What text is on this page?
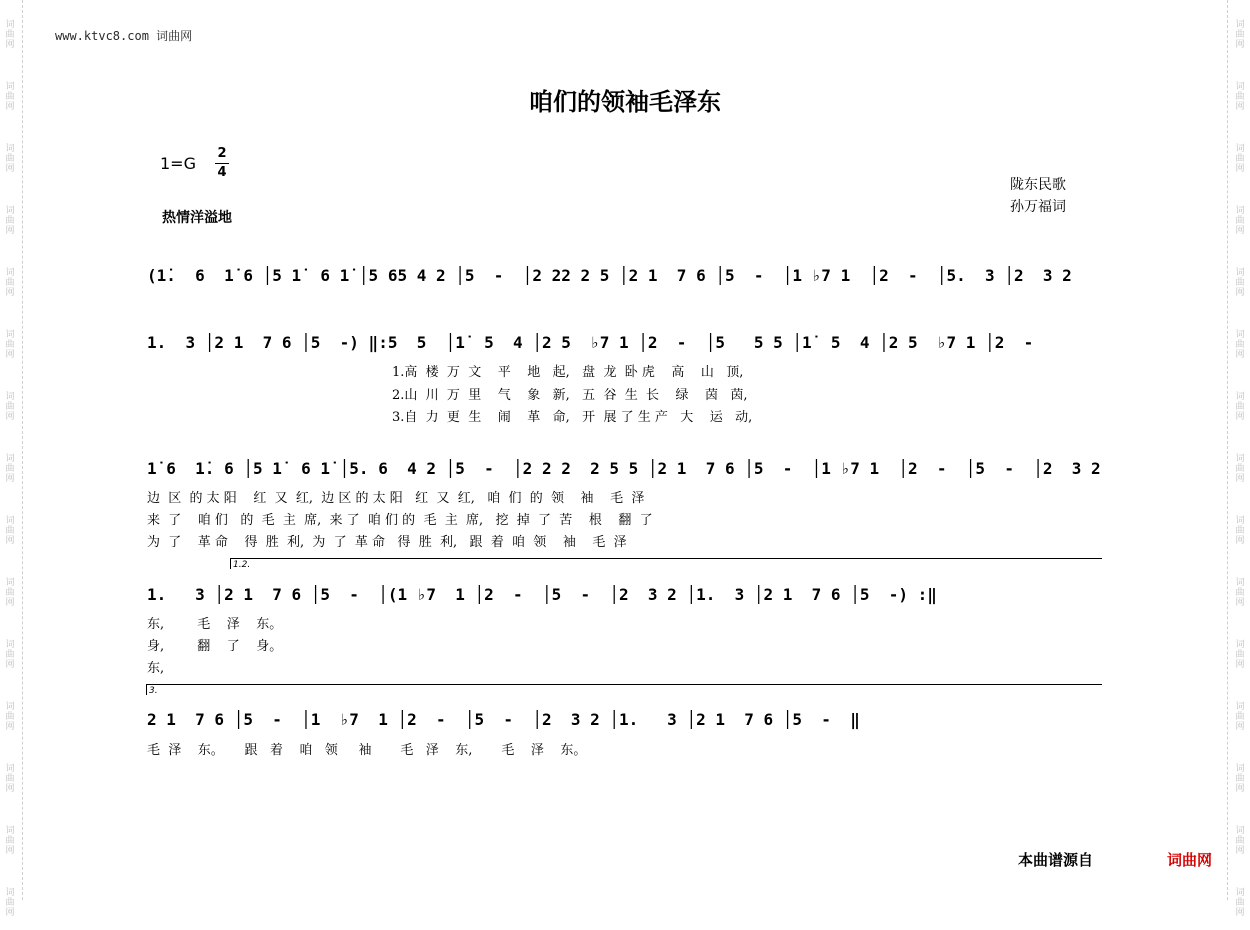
词
曲
网
词
曲
网
词
曲
网
词
曲
网
词
曲
网
词
曲
网
词
曲
网
词
曲
网
词
曲
网
词
曲
网
词
曲
网
词
曲
网
词
曲
网
词
曲
网
词
曲
网
词
曲
网
词
曲
网
词
曲
网
词
曲
网
词
曲
网
词
曲
网
词
曲
网
词
曲
网
词
曲
网
词
曲
网
词
曲
网
词
曲
网
词
曲
网
词
曲
网
词
曲
网
www.ktvc8.com 词曲网
咱们的领袖毛泽东
1=G
2
4
热情洋溢地
陇东民歌
孙万福词
(1̇.  6  1̇ 6 │5 1̇  6 1̇ │5 65 4 2 │5  -  │2 22 2 5 │2 1  7 6 │5  -  │1 ♭7 1  │2  -  │5.  3 │2  3 2
1.  3 │2 1  7 6 │5  -) ‖:5  5  │1̇  5  4 │2 5  ♭7 1 │2  -  │5   5 5 │1̇  5  4 │2 5  ♭7 1 │2  -
1.高  楼  万  文    平    地   起,   盘  龙  卧 虎    高    山   顶,
2.山  川  万  里    气    象   新,   五  谷  生  长    绿    茵   茵,
3.自  力  更  生    闹    革   命,   开  展 了 生 产   大    运   动,
1̇ 6  1̇. 6 │5 1̇  6 1̇ │5. 6  4 2 │5  -  │2 2 2  2 5 5 │2 1  7 6 │5  -  │1 ♭7 1  │2  -  │5  -  │2  3 2
边  区  的 太 阳    红  又  红,  边 区 的 太 阳   红  又  红,   咱  们  的  领    袖    毛  泽
来  了    咱 们   的  毛  主  席,  来 了  咱 们 的  毛  主  席,   挖  掉  了  苦    根    翻  了
为  了    革 命    得  胜  利,  为  了  革 命   得  胜  利,   跟  着  咱  领    袖    毛  泽
1.2.
1.   3 │2 1  7 6 │5  -  │(1 ♭7  1 │2  -  │5  -  │2  3 2 │1.  3 │2 1  7 6 │5  -) :‖
东,        毛    泽    东。
身,        翻    了    身。
东,
3.
2 1  7 6 │5  -  │1  ♭7  1 │2  -  │5  -  │2  3 2 │1.   3 │2 1  7 6 │5  -  ‖
毛  泽    东。     跟   着    咱   领     袖       毛   泽    东,       毛    泽    东。
本曲谱源自	词曲网
